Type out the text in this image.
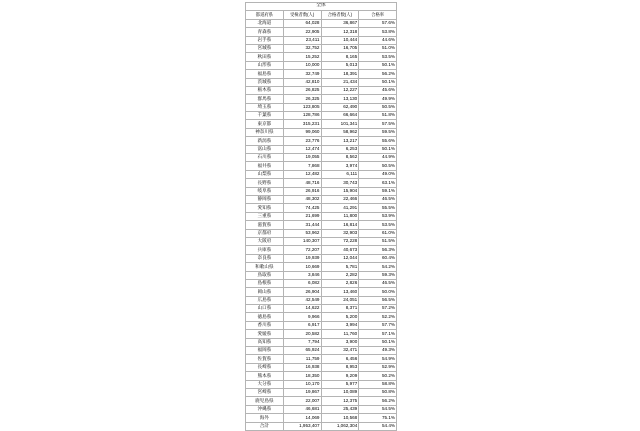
全体			
都道府県	受検者数(人)	合格者数(人)	合格率
北海道	64,028	36,867	57.6%
青森県	22,905	12,318	53.8%
岩手県	23,411	10,444	44.6%
宮城県	32,752	16,705	51.0%
秋田県	15,252	8,165	53.5%
山形県	10,000	5,013	50.1%
福島県	32,749	18,391	56.2%
茨城県	42,810	21,434	50.1%
栃木県	26,825	12,227	45.6%
群馬県	26,325	13,130	49.9%
埼玉県	123,805	62,490	50.5%
千葉県	128,786	66,664	51.8%
東京都	315,231	101,341	57.5%
神奈川県	99,060	58,962	59.5%
新潟県	23,776	13,217	55.6%
富山県	12,474	6,253	50.1%
石川県	19,055	8,562	44.9%
福井県	7,868	3,974	50.5%
山梨県	12,482	6,111	49.0%
長野県	48,716	30,743	63.1%
岐阜県	26,916	15,904	59.1%
静岡県	48,302	22,466	46.5%
愛知県	74,425	41,291	55.5%
三重県	21,699	11,800	53.9%
滋賀県	31,444	16,814	53.5%
京都府	53,962	32,903	61.0%
大阪府	140,307	72,228	51.5%
兵庫県	72,207	40,673	56.3%
奈良県	19,939	12,044	60.4%
和歌山県	10,669	5,781	54.2%
鳥取県	3,846	2,282	59.3%
島根県	6,082	2,826	46.5%
岡山県	26,904	13,460	50.0%
広島県	42,549	24,051	56.5%
山口県	14,622	8,371	57.2%
徳島県	9,966	5,200	52.2%
香川県	6,917	3,994	57.7%
愛媛県	20,582	11,760	57.1%
高知県	7,794	3,900	50.1%
福岡県	65,924	32,471	49.3%
佐賀県	11,759	6,456	54.9%
長崎県	16,938	8,953	52.9%
熊本県	18,350	9,209	50.2%
大分県	10,170	5,977	58.8%
宮崎県	19,867	10,089	50.8%
鹿児島県	22,007	12,375	56.2%
沖縄県	46,681	25,439	54.5%
海外	14,069	10,568	75.1%
合計	1,953,407	1,062,304	54.4%
